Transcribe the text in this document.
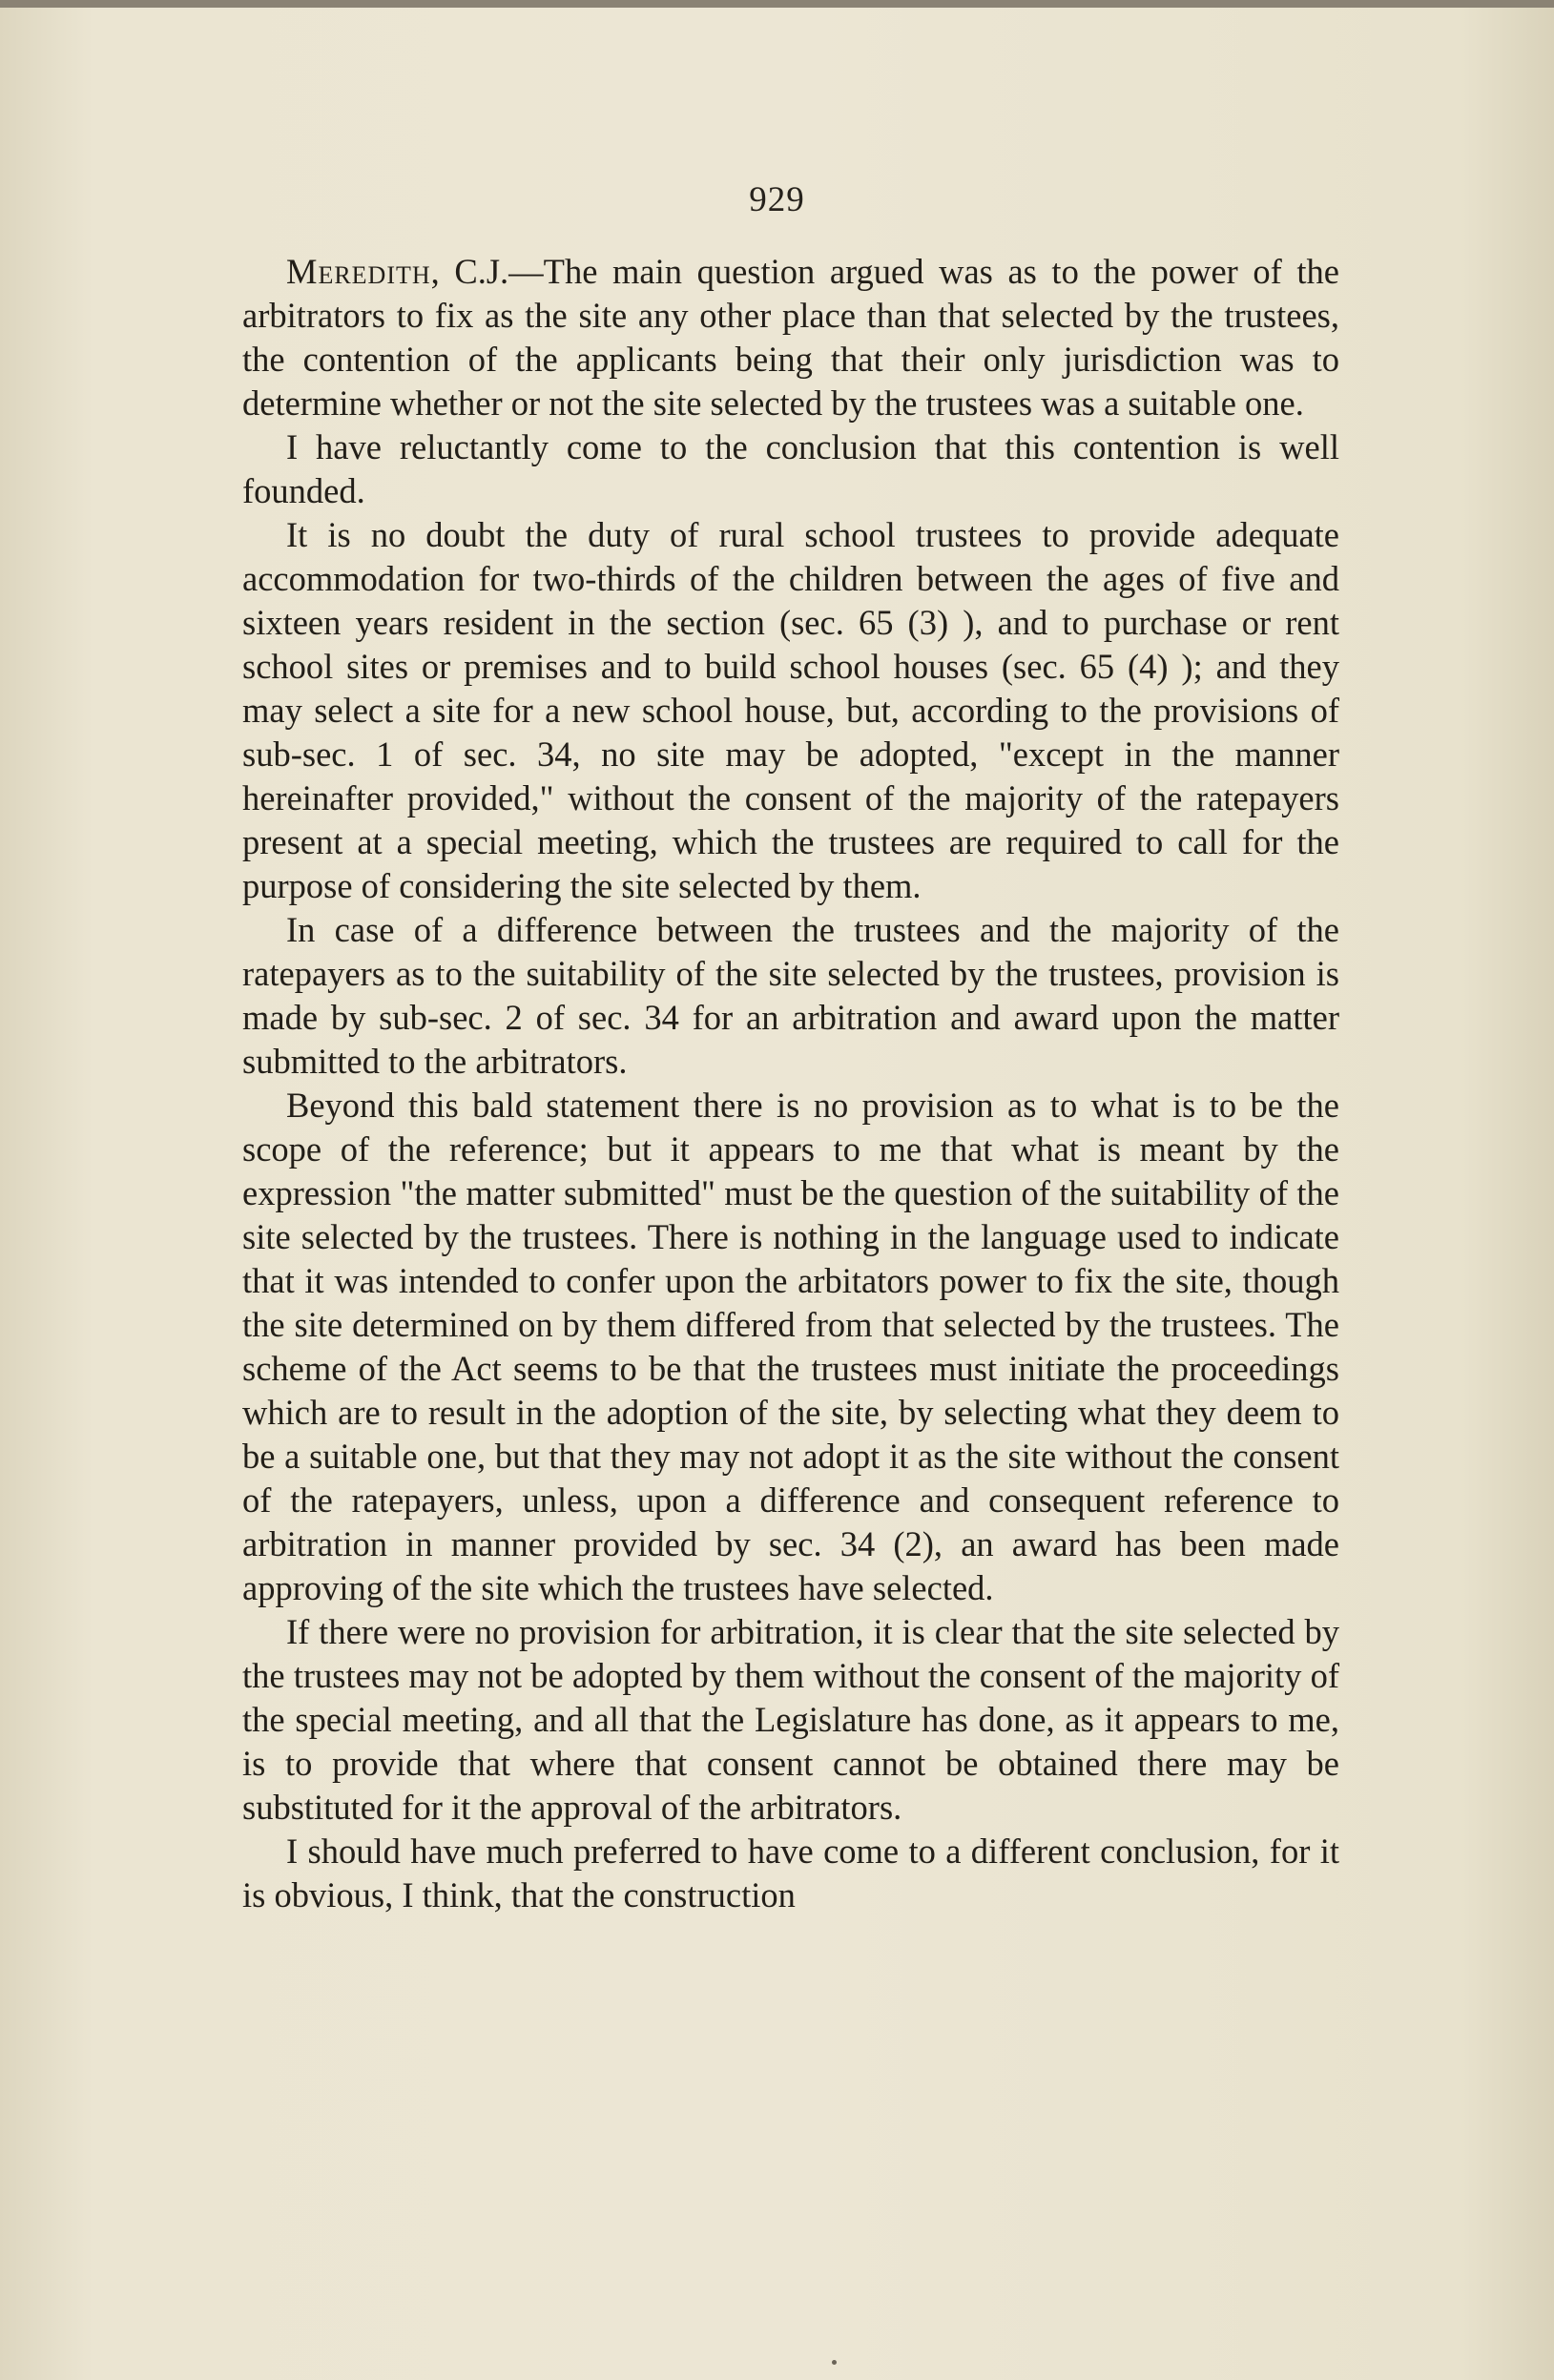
929

Meredith, C.J.—The main question argued was as to the power of the arbitrators to fix as the site any other place than that selected by the trustees, the contention of the applicants being that their only jurisdiction was to determine whether or not the site selected by the trustees was a suitable one.

I have reluctantly come to the conclusion that this contention is well founded.

It is no doubt the duty of rural school trustees to provide adequate accommodation for two-thirds of the children between the ages of five and sixteen years resident in the section (sec. 65 (3) ), and to purchase or rent school sites or premises and to build school houses (sec. 65 (4) ); and they may select a site for a new school house, but, according to the provisions of sub-sec. 1 of sec. 34, no site may be adopted, "except in the manner hereinafter provided," without the consent of the majority of the ratepayers present at a special meeting, which the trustees are required to call for the purpose of considering the site selected by them.

In case of a difference between the trustees and the majority of the ratepayers as to the suitability of the site selected by the trustees, provision is made by sub-sec. 2 of sec. 34 for an arbitration and award upon the matter submitted to the arbitrators.

Beyond this bald statement there is no provision as to what is to be the scope of the reference; but it appears to me that what is meant by the expression "the matter submitted" must be the question of the suitability of the site selected by the trustees. There is nothing in the language used to indicate that it was intended to confer upon the arbitators power to fix the site, though the site determined on by them differed from that selected by the trustees. The scheme of the Act seems to be that the trustees must initiate the proceedings which are to result in the adoption of the site, by selecting what they deem to be a suitable one, but that they may not adopt it as the site without the consent of the ratepayers, unless, upon a difference and consequent reference to arbitration in manner provided by sec. 34 (2), an award has been made approving of the site which the trustees have selected.

If there were no provision for arbitration, it is clear that the site selected by the trustees may not be adopted by them without the consent of the majority of the special meeting, and all that the Legislature has done, as it appears to me, is to provide that where that consent cannot be obtained there may be substituted for it the approval of the arbitrators.

I should have much preferred to have come to a different conclusion, for it is obvious, I think, that the construction
